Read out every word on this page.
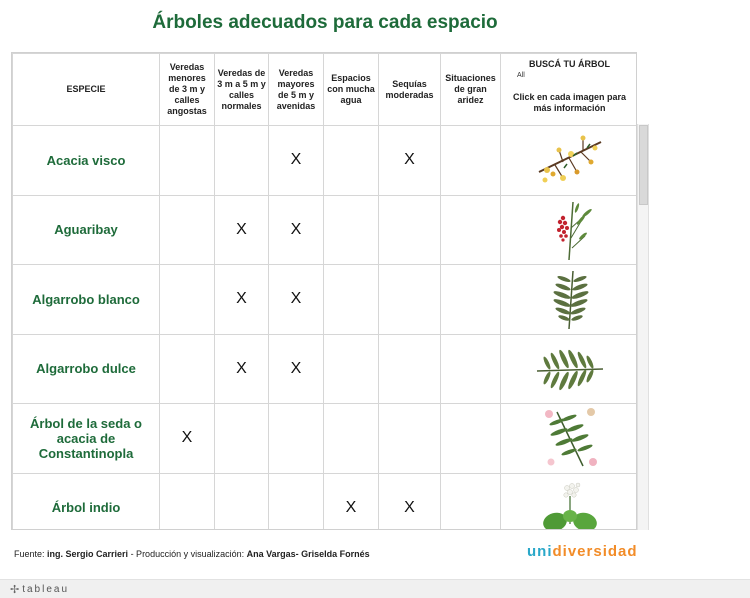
Árboles adecuados para cada espacio
ESPECIE	Veredas menores de 3 m y calles angostas	Veredas de 3 m a 5 m y calles normales	Veredas mayores de 5 m y avenidas	Espacios con mucha agua	Sequías moderadas	Situaciones de gran aridez	BUSCÁ TU ÁRBOL
All
Click en cada imagen para más información

Acacia visco			X		X		

Aguaribay		X	X				

Algarrobo blanco		X	X				

Algarrobo dulce		X	X				

Árbol de la seda o acacia de Constantinopla	X						

Árbol indio				X	X		
Fuente: ing. Sergio Carrieri - Producción y visualización: Ana Vargas- Griselda Fornés	unidiversidad
✢ tableau
